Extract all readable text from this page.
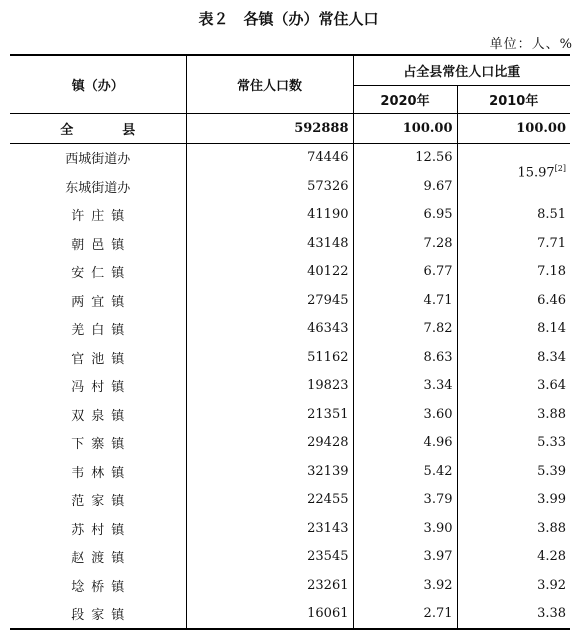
表２　各镇（办）常住人口
单位：人、%
镇（办）	常住人口数	占全县常住人口比重	
		2020年	2010年
全　县	592888	100.00	100.00
西城街道办	74446	12.56	15.97[2]
东城街道办	57326	9.67	
许庄镇	41190	6.95	8.51
朝邑镇	43148	7.28	7.71
安仁镇	40122	6.77	7.18
两宜镇	27945	4.71	6.46
羌白镇	46343	7.82	8.14
官池镇	51162	8.63	8.34
冯村镇	19823	3.34	3.64
双泉镇	21351	3.60	3.88
下寨镇	29428	4.96	5.33
韦林镇	32139	5.42	5.39
范家镇	22455	3.79	3.99
苏村镇	23143	3.90	3.88
赵渡镇	23545	3.97	4.28
埝桥镇	23261	3.92	3.92
段家镇	16061	2.71	3.38
